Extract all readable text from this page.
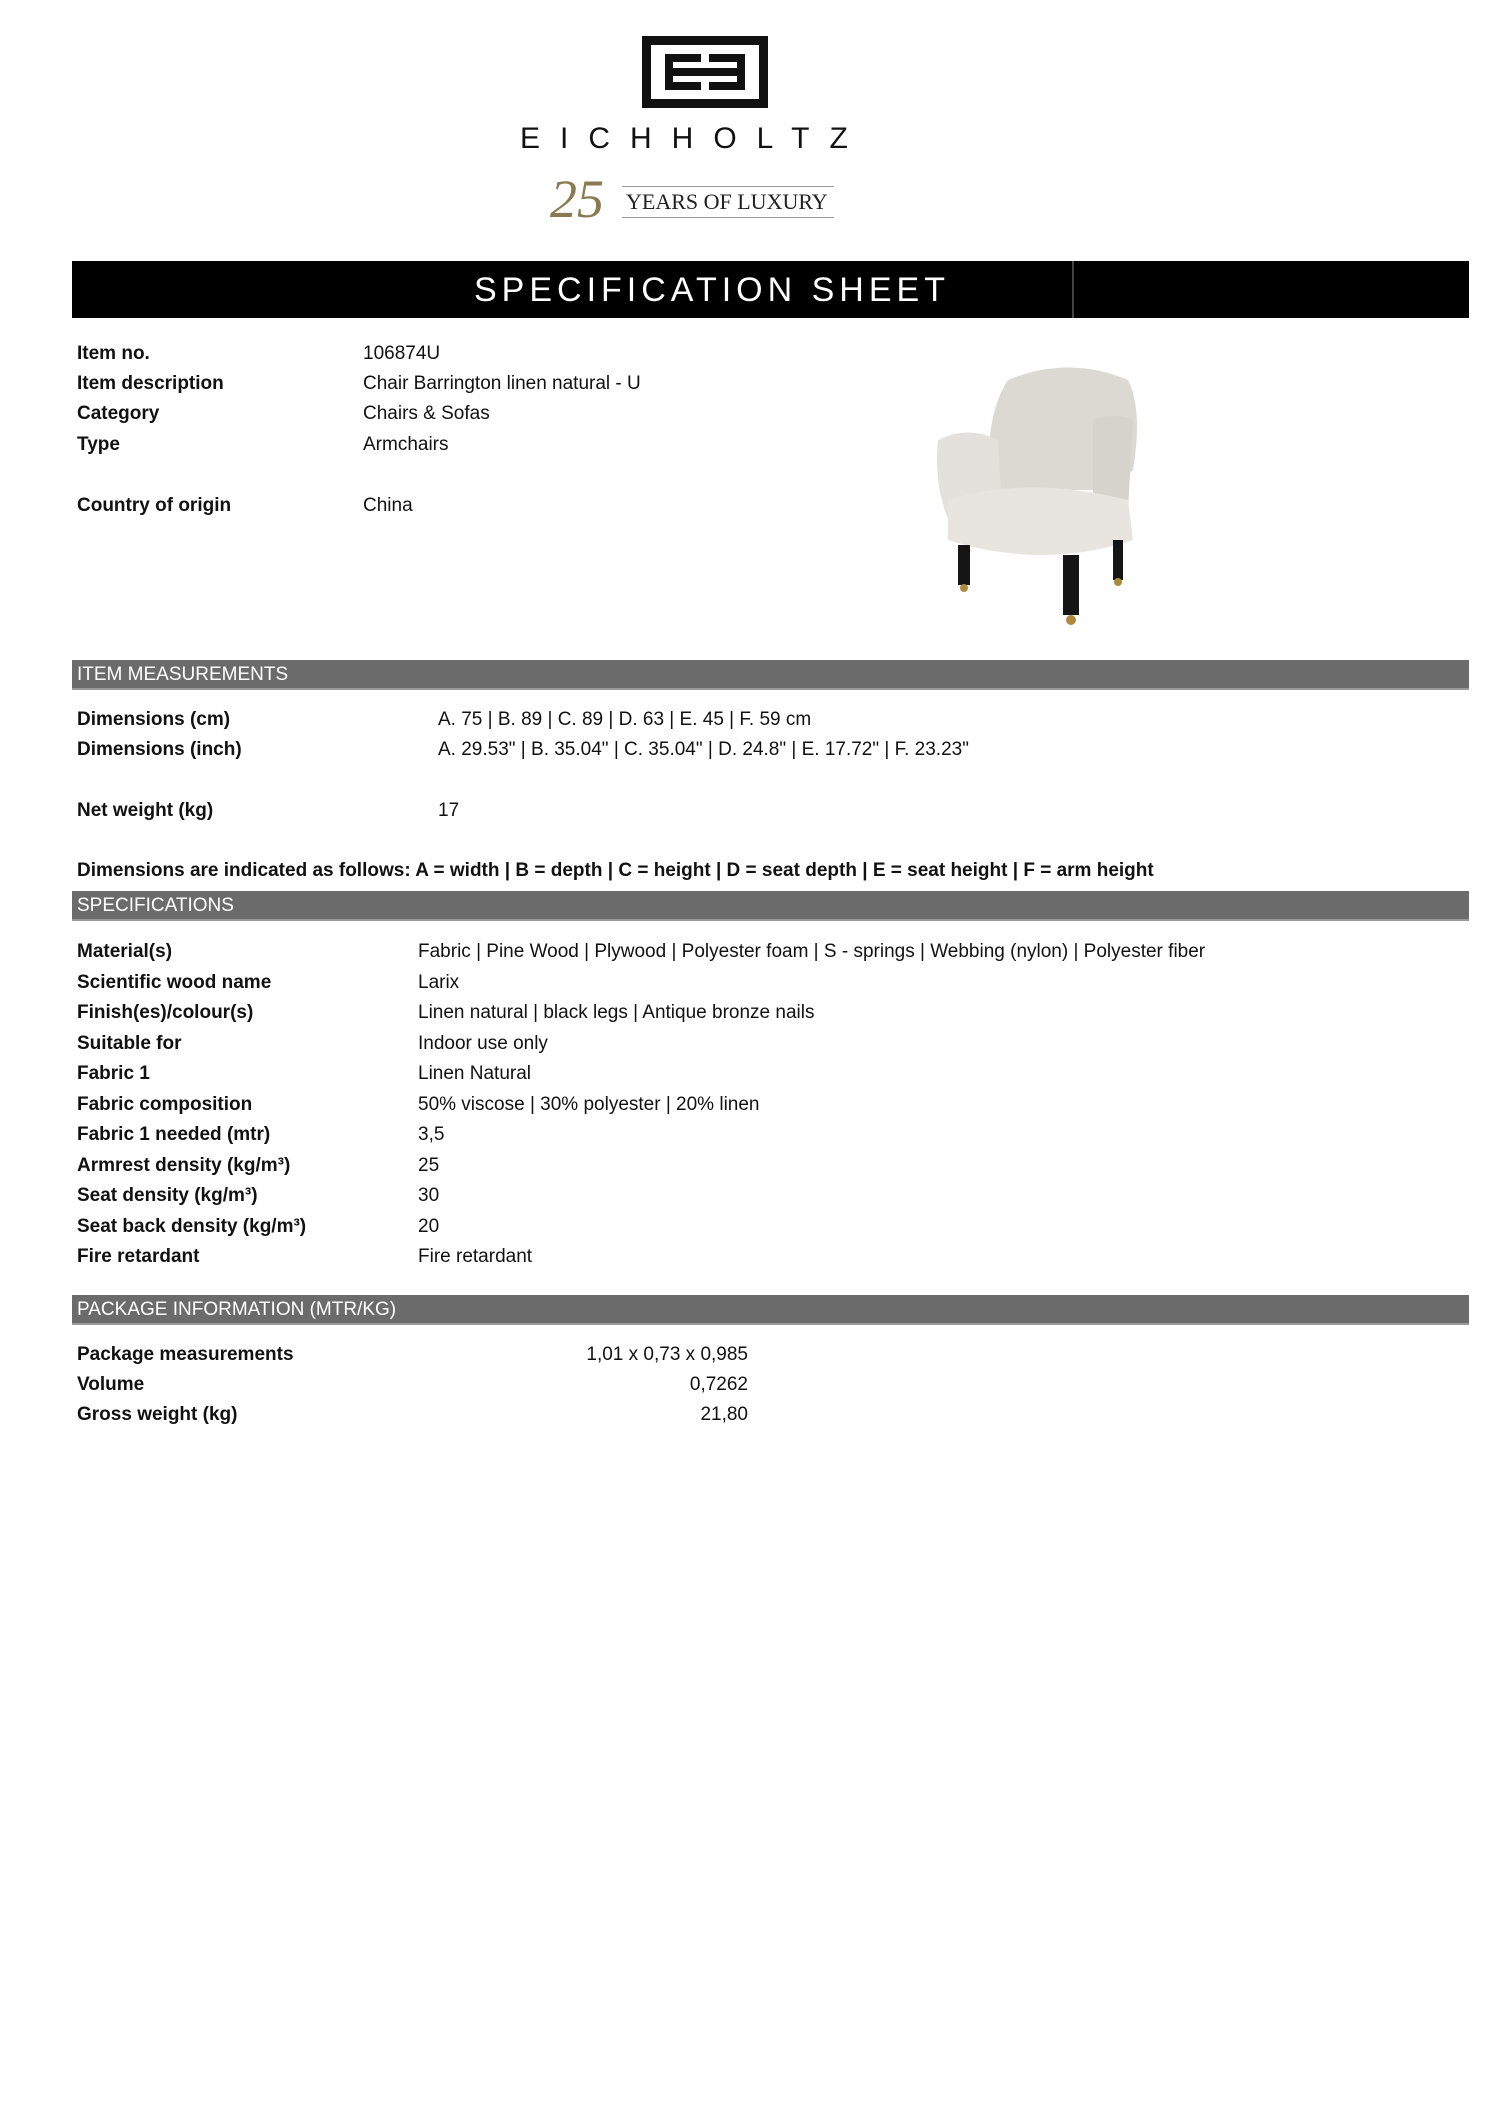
EICHHOLTZ
25 YEARS OF LUXURY
SPECIFICATION SHEET
Item no.	106874U
Item description	Chair Barrington linen natural - U
Category	Chairs & Sofas
Type	Armchairs
Country of origin	China
ITEM MEASUREMENTS
Dimensions (cm)	A. 75 | B. 89 | C. 89 | D. 63 | E. 45 | F. 59 cm
Dimensions (inch)	A. 29.53" | B. 35.04" | C. 35.04" | D. 24.8" | E. 17.72" | F. 23.23"
Net weight (kg)	17
Dimensions are indicated as follows: A = width | B = depth | C = height | D = seat depth | E = seat height | F = arm height
SPECIFICATIONS
Material(s)	Fabric | Pine Wood | Plywood | Polyester foam | S - springs | Webbing (nylon) | Polyester fiber
Scientific wood name	Larix
Finish(es)/colour(s)	Linen natural | black legs | Antique bronze nails
Suitable for	Indoor use only
Fabric 1	Linen Natural
Fabric composition	50% viscose | 30% polyester | 20% linen
Fabric 1 needed (mtr)	3,5
Armrest density (kg/m³)	25
Seat density (kg/m³)	30
Seat back density (kg/m³)	20
Fire retardant	Fire retardant
PACKAGE INFORMATION (MTR/KG)
Package measurements	1,01 x 0,73 x 0,985
Volume	0,7262
Gross weight (kg)	21,80
